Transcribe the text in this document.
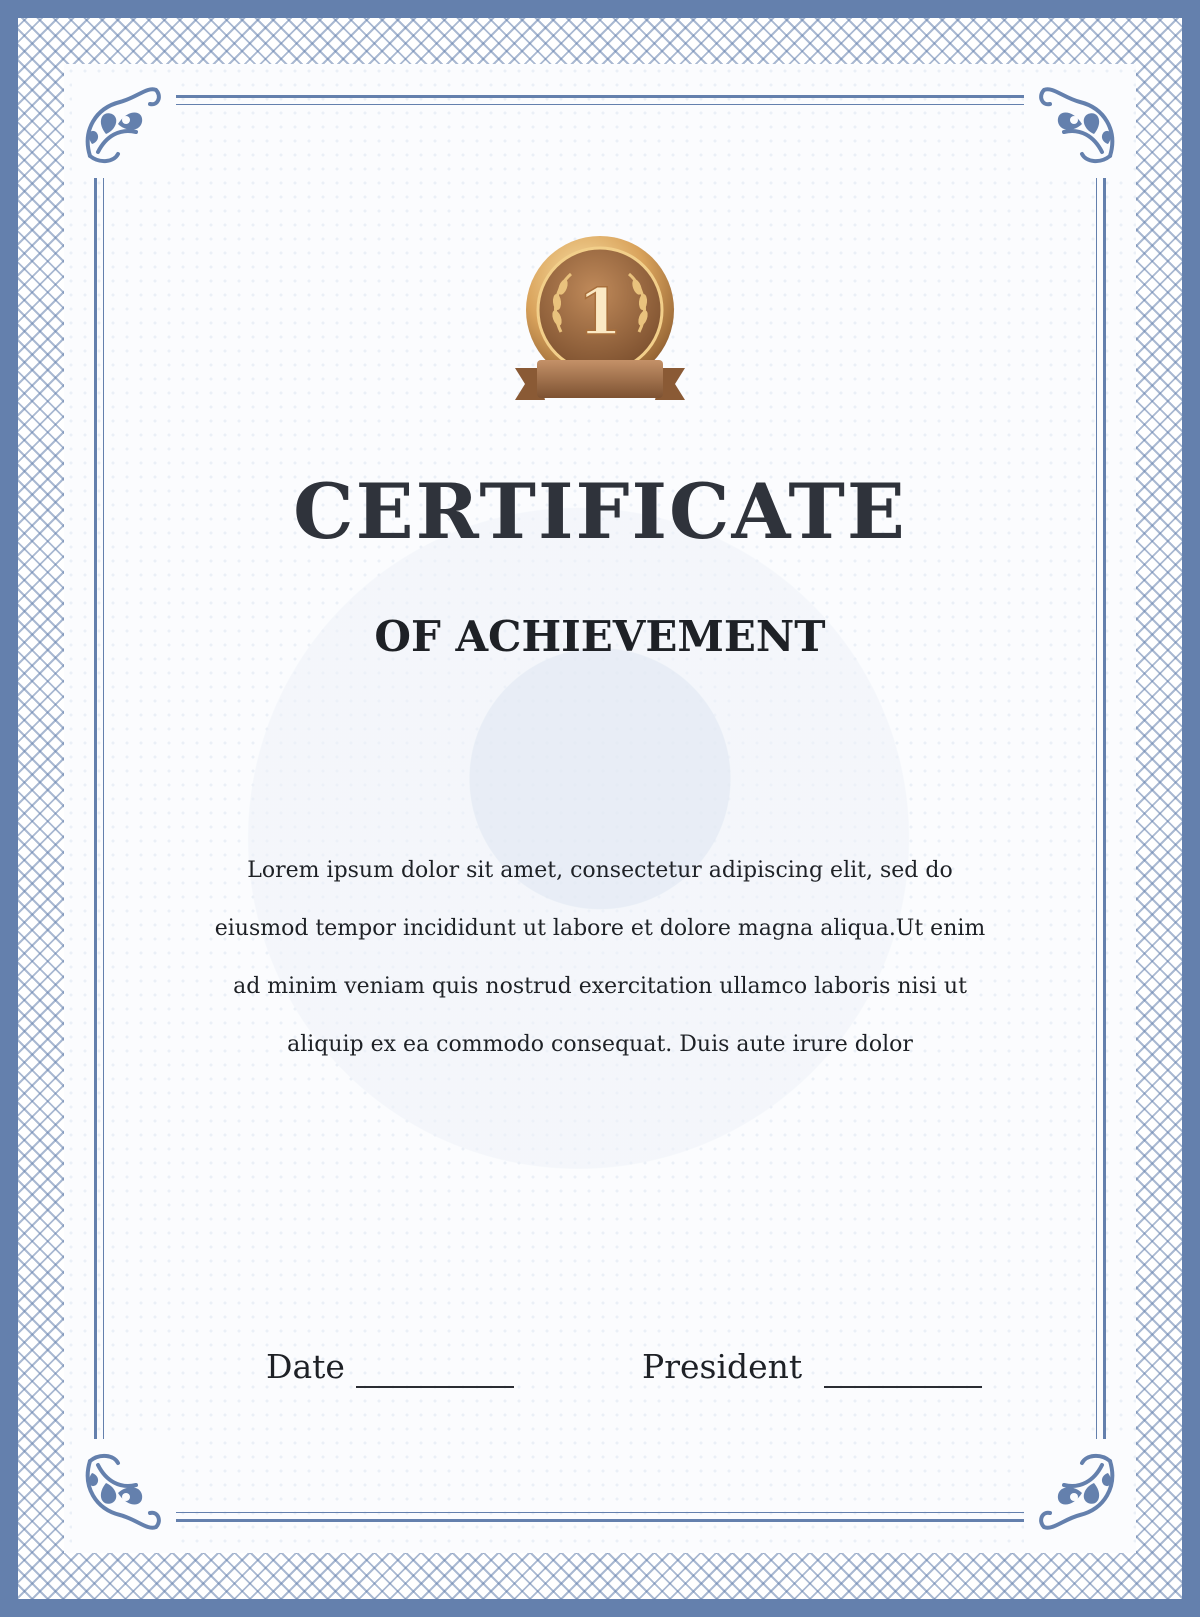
1
CERTIFICATE
OF ACHIEVEMENT
Lorem ipsum dolor sit amet, consectetur adipiscing elit, sed do
eiusmod tempor incididunt ut labore et dolore magna aliqua.Ut enim
ad minim veniam quis nostrud exercitation ullamco laboris nisi ut
aliquip ex ea commodo consequat. Duis aute irure dolor
Date	President
